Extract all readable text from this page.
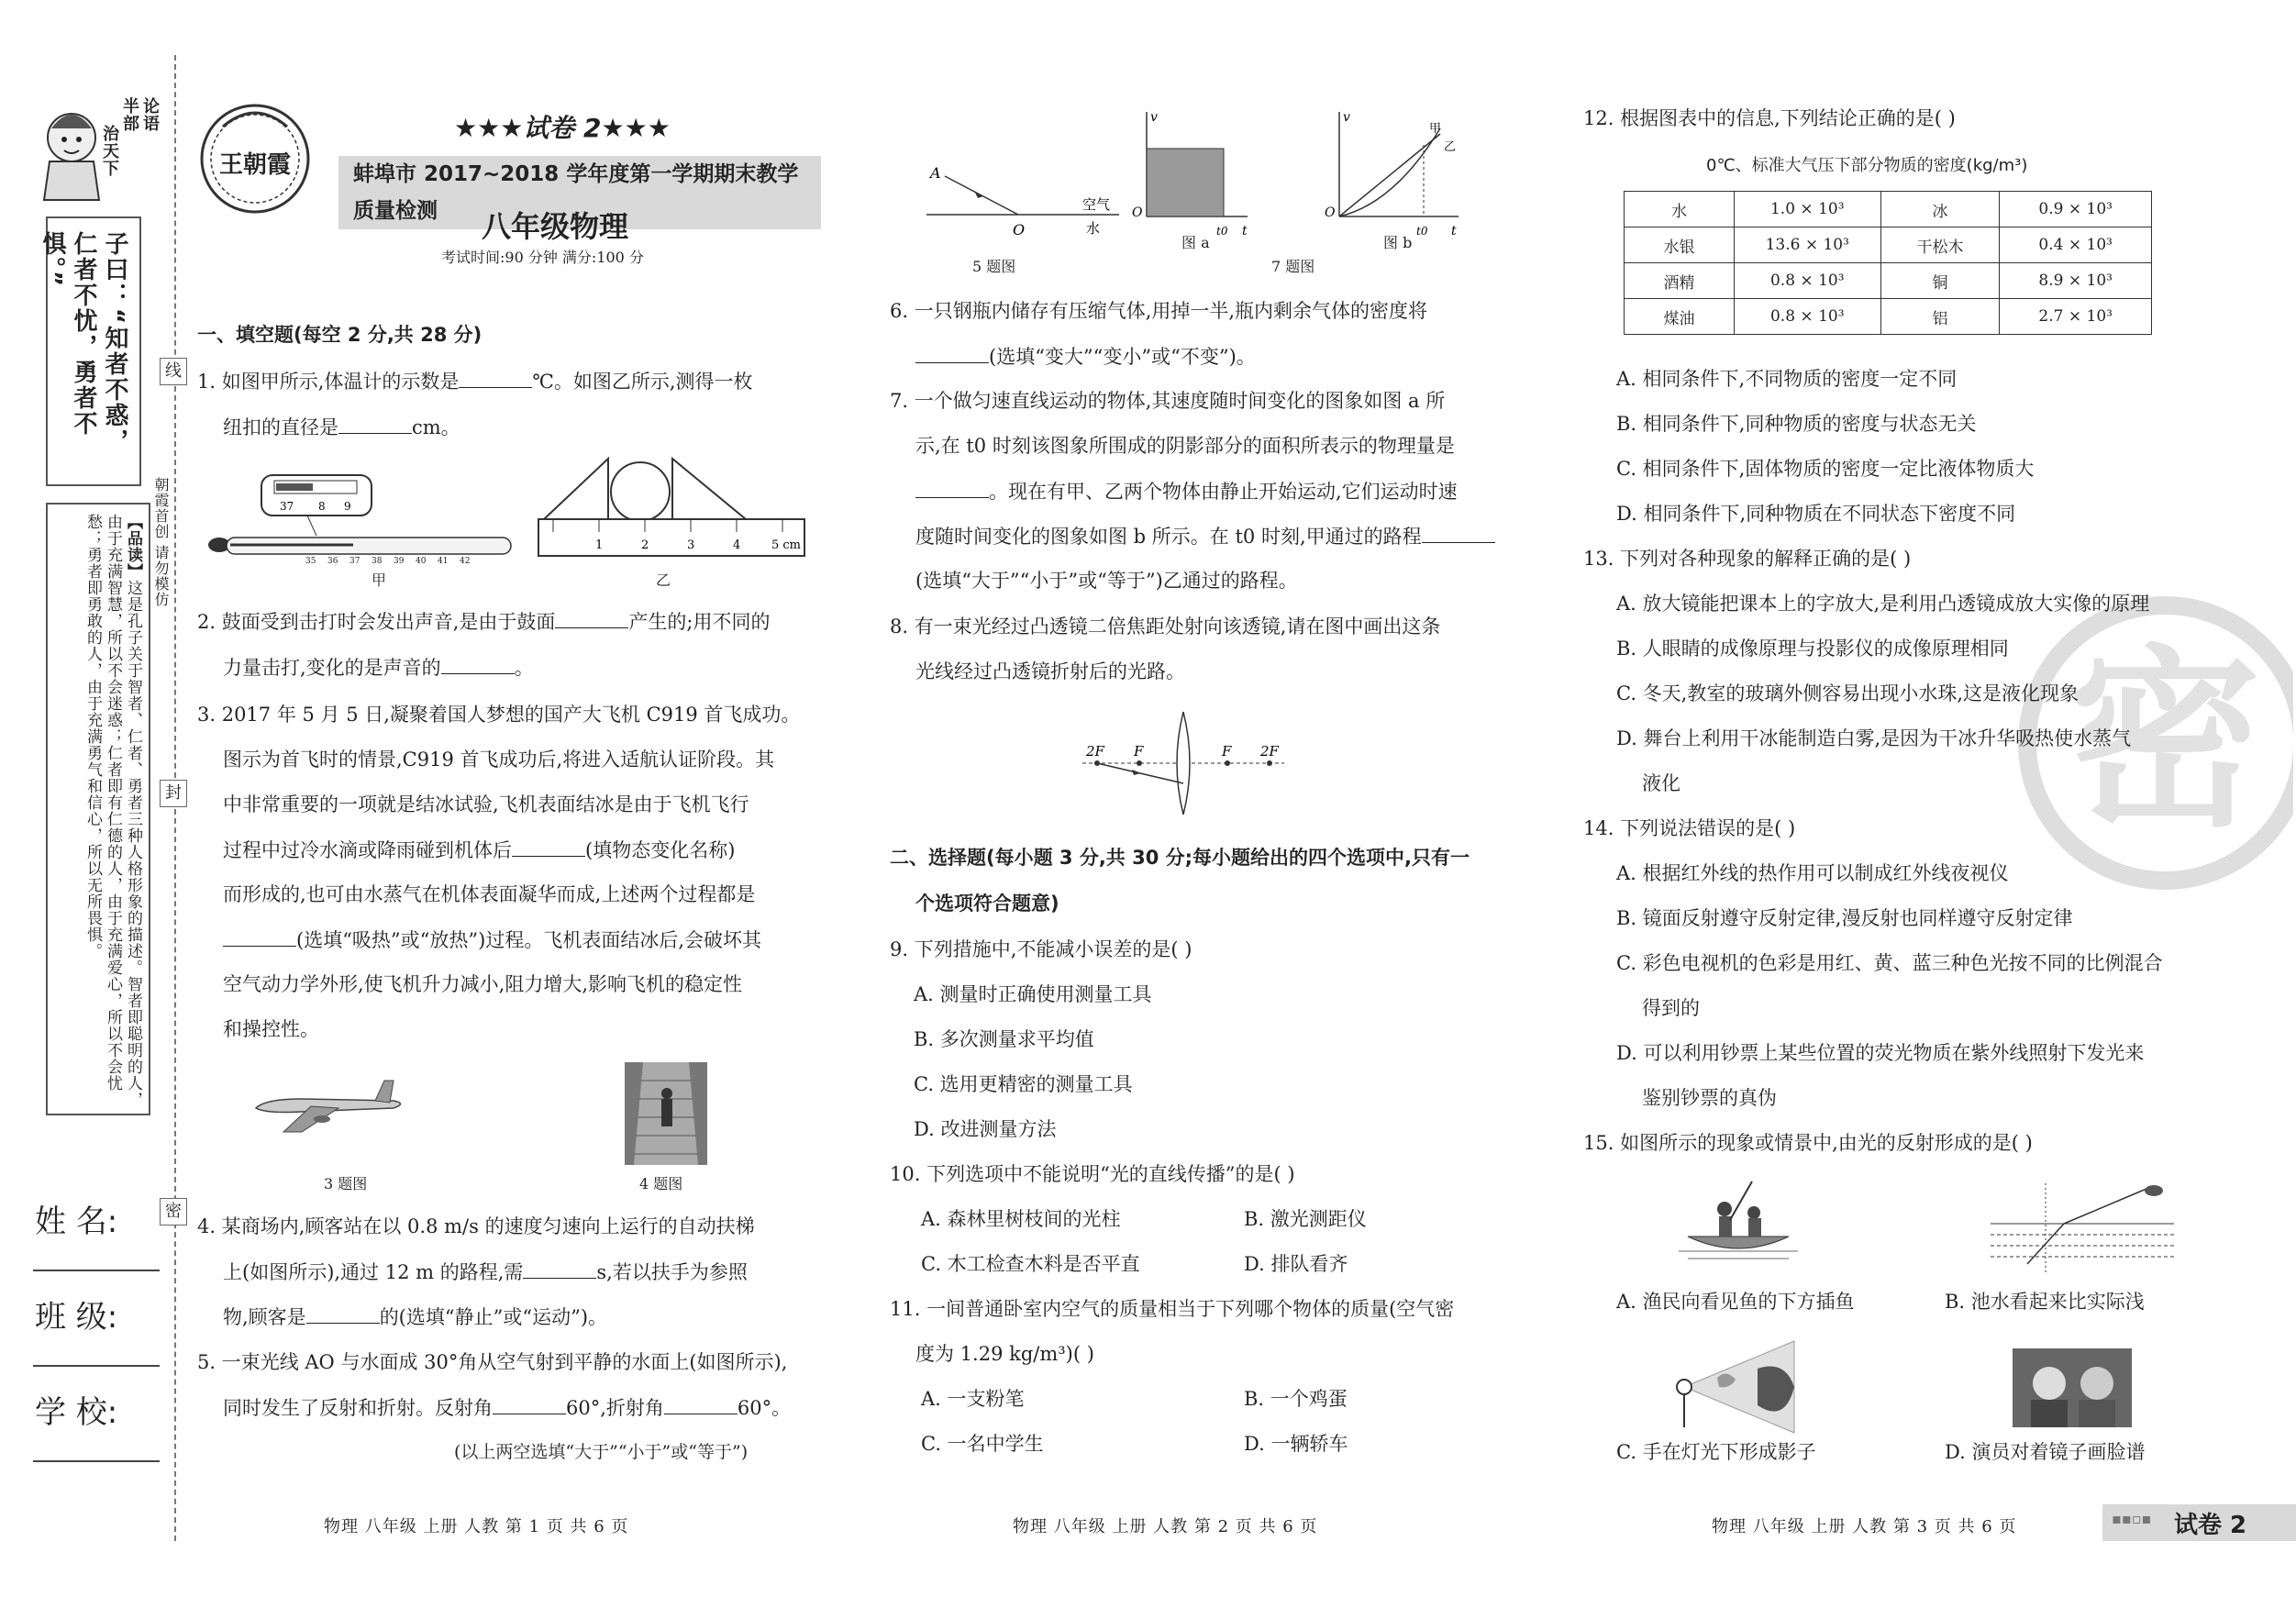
半部 论语
治天下
子曰：“知者不惑，仁者不忧，勇者不惧。”
【品读】这是孔子关于智者、仁者、勇者三种人格形象的描述。智者即聪明的人，由于充满智慧，所以不会迷惑；仁者即有仁德的人，由于充满爱心，所以不会忧愁；勇者即勇敢的人，由于充满勇气和信心，所以无所畏惧。
姓 名:
班 级:
学 校:
线
封
密
朝霞首创 请勿模仿
王朝霞
★★★试卷 2★★★
蚌埠市 2017~2018 学年度第一学期期末教学质量检测	八年级物理
考试时间:90 分钟 满分:100 分
一、填空题(每空 2 分,共 28 分)
1. 如图甲所示,体温计的示数是	℃。如图乙所示,测得一枚
纽扣的直径是	cm。
37 8 9
35 36 37 38 39 40 41 42
甲
1	2	3	4	5 cm
乙
2. 鼓面受到击打时会发出声音,是由于鼓面	产生的;用不同的
力量击打,变化的是声音的	。
3. 2017 年 5 月 5 日,凝聚着国人梦想的国产大飞机 C919 首飞成功。
图示为首飞时的情景,C919 首飞成功后,将进入适航认证阶段。其
中非常重要的一项就是结冰试验,飞机表面结冰是由于飞机飞行
过程中过冷水滴或降雨碰到机体后	(填物态变化名称)
而形成的,也可由水蒸气在机体表面凝华而成,上述两个过程都是
(选填“吸热”或“放热”)过程。飞机表面结冰后,会破坏其
空气动力学外形,使飞机升力减小,阻力增大,影响飞机的稳定性
和操控性。
3 题图	4 题图
4. 某商场内,顾客站在以 0.8 m/s 的速度匀速向上运行的自动扶梯
上(如图所示),通过 12 m 的路程,需	s,若以扶手为参照
物,顾客是	的(选填“静止”或“运动”)。
5. 一束光线 AO 与水面成 30°角从空气射到平静的水面上(如图所示),
同时发生了反射和折射。反射角	60°,折射角	60°。
(以上两空选填“大于”“小于”或“等于”)
物理 八年级 上册 人教 第 1 页 共 6 页
A
O
空气
水
5 题图
v
t
O
t0
图 a
v
t
O
t0
甲
乙
图 b
7 题图
6. 一只钢瓶内储存有压缩气体,用掉一半,瓶内剩余气体的密度将
(选填“变大”“变小”或“不变”)。
7. 一个做匀速直线运动的物体,其速度随时间变化的图象如图 a 所
示,在 t0 时刻该图象所围成的阴影部分的面积所表示的物理量是
。现在有甲、乙两个物体由静止开始运动,它们运动时速
度随时间变化的图象如图 b 所示。在 t0 时刻,甲通过的路程
(选填“大于”“小于”或“等于”)乙通过的路程。
8. 有一束光经过凸透镜二倍焦距处射向该透镜,请在图中画出这条
光线经过凸透镜折射后的光路。
2F F	F 2F
二、选择题(每小题 3 分,共 30 分;每小题给出的四个选项中,只有一
个选项符合题意)
9. 下列措施中,不能减小误差的是( )
A. 测量时正确使用测量工具
B. 多次测量求平均值
C. 选用更精密的测量工具
D. 改进测量方法
10. 下列选项中不能说明“光的直线传播”的是( )
A. 森林里树枝间的光柱	B. 激光测距仪
C. 木工检查木料是否平直	D. 排队看齐
11. 一间普通卧室内空气的质量相当于下列哪个物体的质量(空气密
度为 1.29 kg/m³)( )
A. 一支粉笔	B. 一个鸡蛋
C. 一名中学生	D. 一辆轿车
物理 八年级 上册 人教 第 2 页 共 6 页
密
12. 根据图表中的信息,下列结论正确的是( )
0℃、标准大气压下部分物质的密度(kg/m³)
水	1.0 × 10³	冰	0.9 × 10³
水银	13.6 × 10³	干松木	0.4 × 10³
酒精	0.8 × 10³	铜	8.9 × 10³
煤油	0.8 × 10³	铝	2.7 × 10³
A. 相同条件下,不同物质的密度一定不同
B. 相同条件下,同种物质的密度与状态无关
C. 相同条件下,固体物质的密度一定比液体物质大
D. 相同条件下,同种物质在不同状态下密度不同
13. 下列对各种现象的解释正确的是( )
A. 放大镜能把课本上的字放大,是利用凸透镜成放大实像的原理
B. 人眼睛的成像原理与投影仪的成像原理相同
C. 冬天,教室的玻璃外侧容易出现小水珠,这是液化现象
D. 舞台上利用干冰能制造白雾,是因为干冰升华吸热使水蒸气
液化
14. 下列说法错误的是( )
A. 根据红外线的热作用可以制成红外线夜视仪
B. 镜面反射遵守反射定律,漫反射也同样遵守反射定律
C. 彩色电视机的色彩是用红、黄、蓝三种色光按不同的比例混合
得到的
D. 可以利用钞票上某些位置的荧光物质在紫外线照射下发光来
鉴别钞票的真伪
15. 如图所示的现象或情景中,由光的反射形成的是( )
A. 渔民向看见鱼的下方插鱼	B. 池水看起来比实际浅
C. 手在灯光下形成影子	D. 演员对着镜子画脸谱
物理 八年级 上册 人教 第 3 页 共 6 页	▪▪▫▪ 试卷 2
